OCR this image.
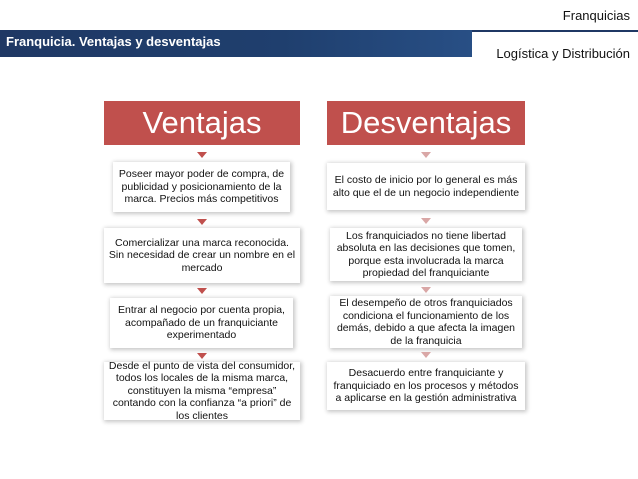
Franquicia. Ventajas y desventajas
Franquicias
Logística y Distribución
Ventajas
Poseer mayor poder de compra, de publicidad y posicionamiento de la marca. Precios más competitivos
Comercializar una marca reconocida. Sin necesidad de crear un nombre en el mercado
Entrar al negocio por cuenta propia, acompañado de un franquiciante experimentado
Desde el punto de vista del consumidor, todos los locales de la misma marca, constituyen la misma “empresa” contando con la confianza “a priori” de los clientes
Desventajas
El costo de inicio por lo general es más alto que el de un negocio independiente
Los franquiciados no tiene libertad absoluta en las decisiones que tomen, porque esta involucrada la marca propiedad del franquiciante
El desempeño de otros franquiciados condiciona el funcionamiento de los demás, debido a que afecta la imagen de la franquicia
Desacuerdo entre franquiciante y franquiciado en los procesos y métodos a aplicarse en la gestión administrativa
